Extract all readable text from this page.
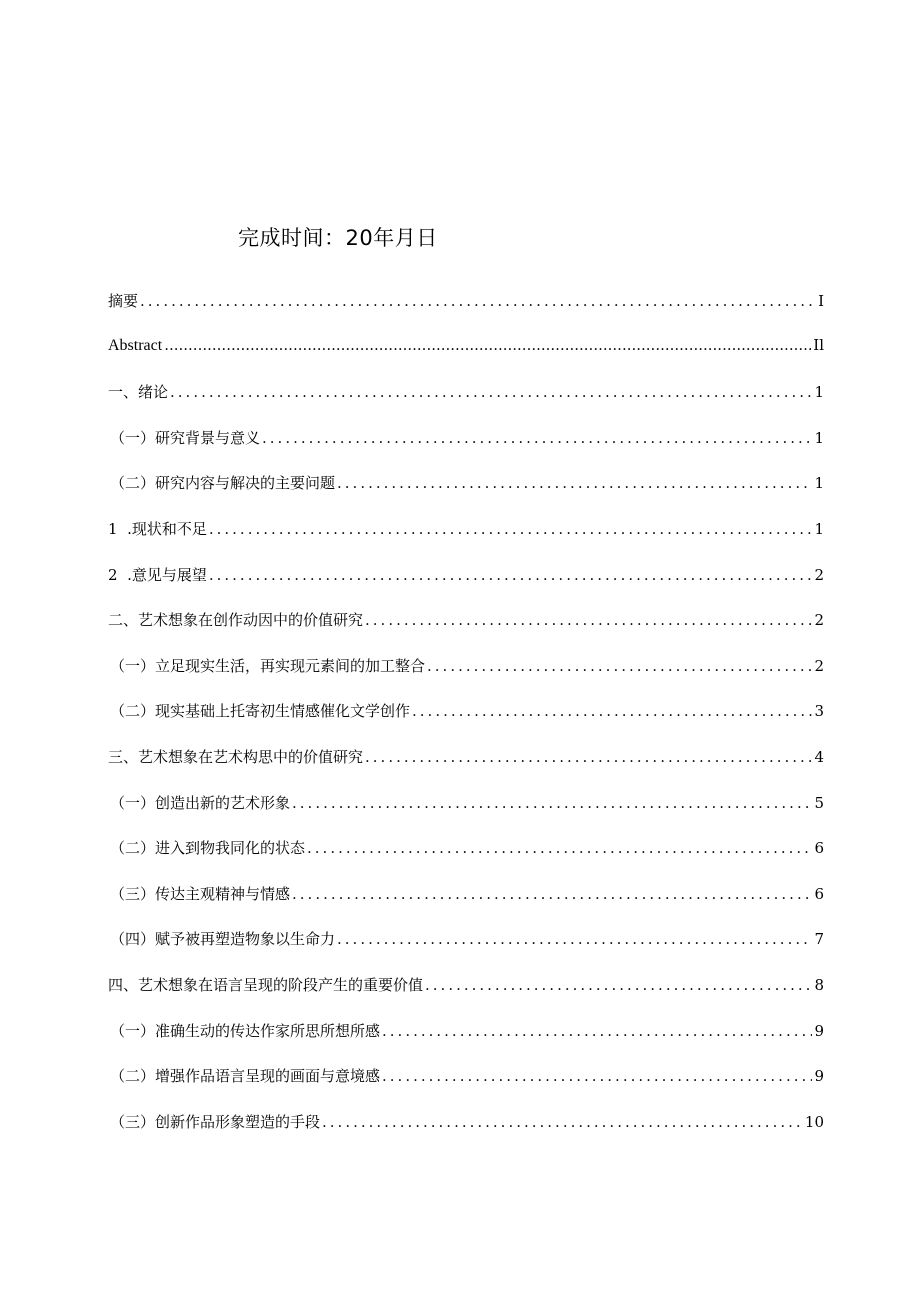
完成时间：20年月日
摘要 .....	I
Abstract .....	Il
一、绪论 .....	1
（一）研究背景与意义 .....	1
（二）研究内容与解决的主要问题 .....	1
1  .现状和不足 .....	1
2  .意见与展望 .....	2
二、艺术想象在创作动因中的价值研究 .....	2
（一）立足现实生活，再实现元素间的加工整合 .....	2
（二）现实基础上托寄初生情感催化文学创作 .....	3
三、艺术想象在艺术构思中的价值研究 .....	4
（一）创造出新的艺术形象 .....	5
（二）进入到物我同化的状态 .....	6
（三）传达主观精神与情感 .....	6
（四）赋予被再塑造物象以生命力 .....	7
四、艺术想象在语言呈现的阶段产生的重要价值 .....	8
（一）准确生动的传达作家所思所想所感 .....	9
（二）增强作品语言呈现的画面与意境感 .....	9
（三）创新作品形象塑造的手段 .....	10
